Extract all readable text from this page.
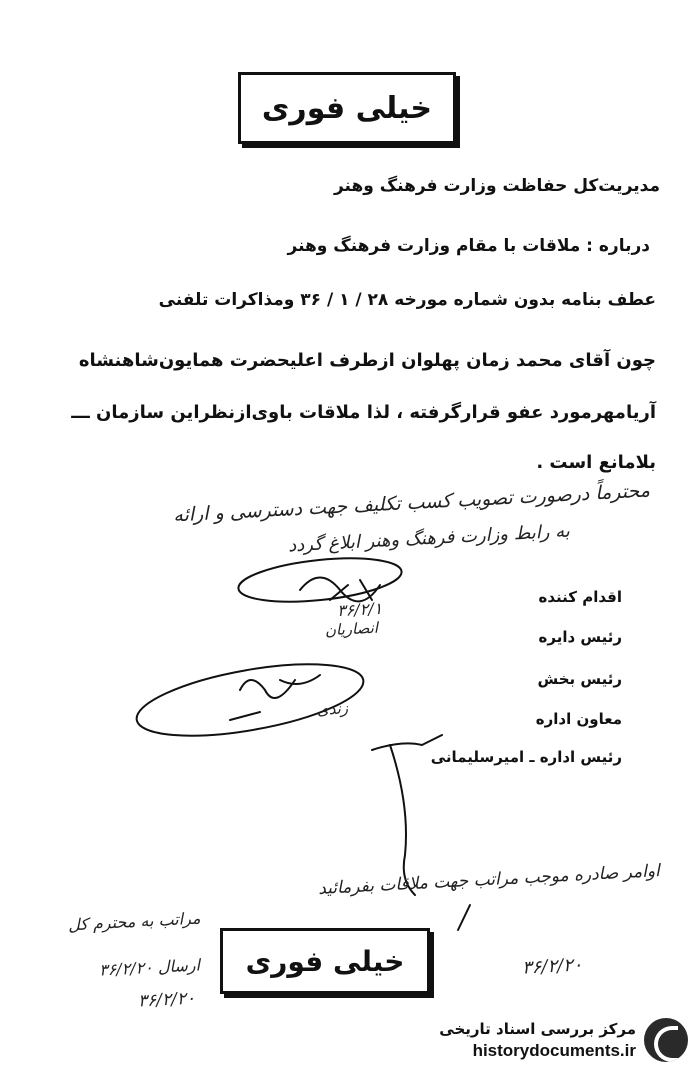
خیلی فوری
مدیریت‌کل حفاظت وزارت فرهنگ وهنر
درباره : ملاقات با مقام وزارت فرهنگ وهنر
عطف بنامه بدون شماره مورخه ۲۸ / ۱ / ۳۶ ومذاکرات تلفنی
چون آقای محمد زمان پهلوان ازطرف اعلیحضرت همایون‌شاهنشاه
آریامهرمورد عفو قرارگرفته ، لذا ملاقات باوی‌ازنظراین سازمان ـــ
بلامانع است .
محترماً درصورت تصویب کسب تکلیف جهت دسترسی و ارائه
به رابط وزارت فرهنگ وهنر ابلاغ گردد
۳۶/۲/۱
انصاریان
زندی
اقدام کننده
رئیس دایره
رئیس بخش
معاون اداره
رئیس اداره ـ امیرسلیمانی
اوامر صادره موجب مراتب جهت ملاقات بفرمائید
مراتب به محترم کل
ارسال ۳۶/۲/۲۰
۳۶/۲/۲۰
۳۶/۲/۲۰
خیلی فوری
مرکز بررسی اسناد تاریخی
historydocuments.ir
